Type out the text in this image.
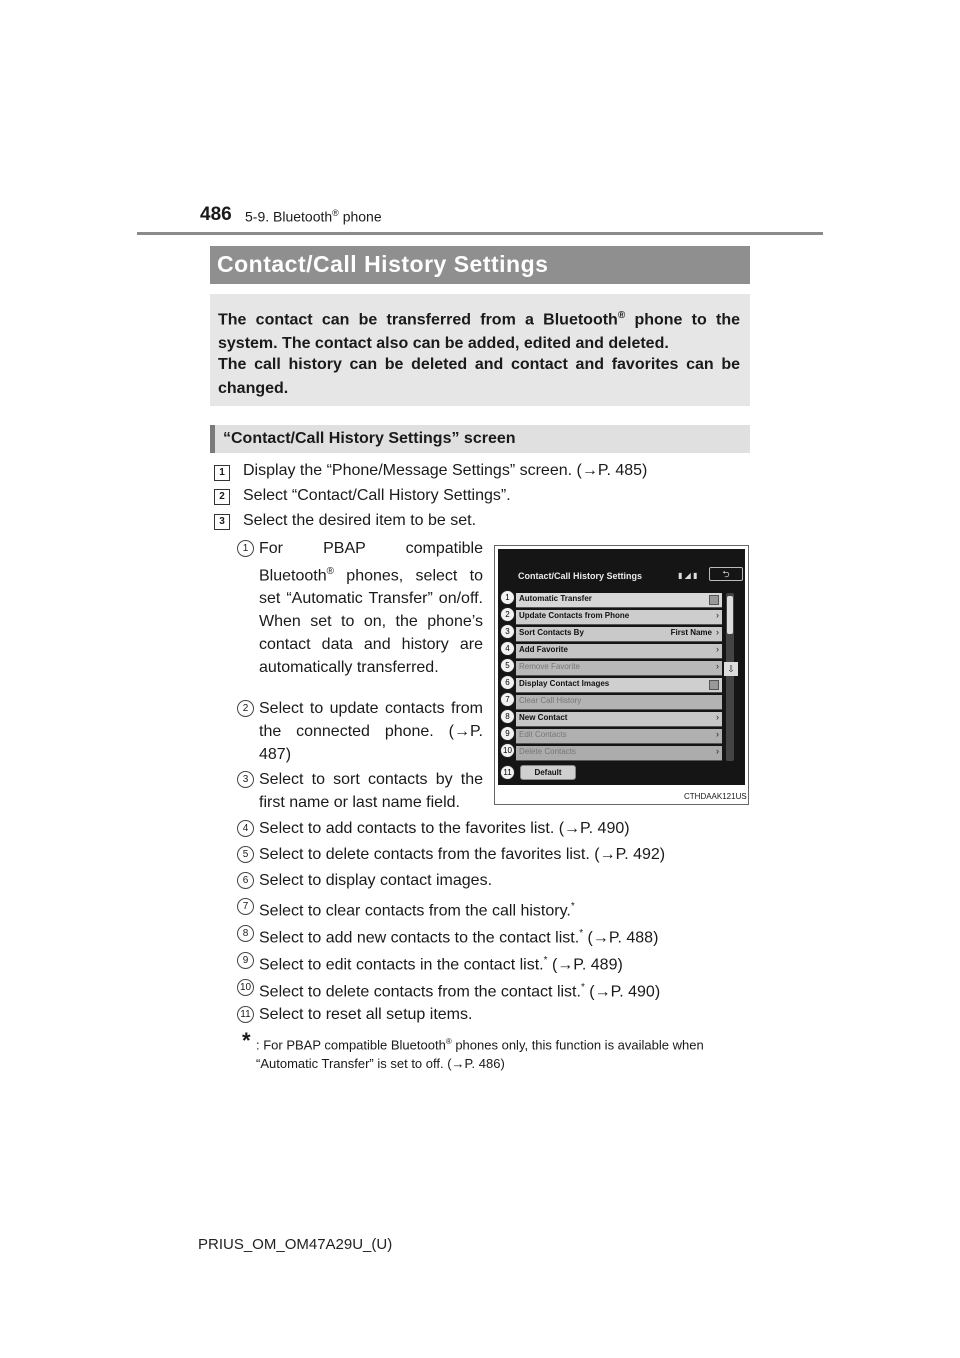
486 5-9. Bluetooth® phone
Contact/Call History Settings
The contact can be transferred from a Bluetooth® phone to the system. The contact also can be added, edited and deleted.
The call history can be deleted and contact and favorites can be changed.
“Contact/Call History Settings” screen
1	Display the “Phone/Message Settings” screen. (→P. 485)
2	Select “Contact/Call History Settings”.
3	Select the desired item to be set.
1 For PBAP compatible Bluetooth® phones, select to set “Automatic Transfer” on/off. When set to on, the phone’s contact data and history are automatically transferred.
2 Select to update contacts from the connected phone. (→P. 487)
3 Select to sort contacts by the first name or last name field.
4 Select to add contacts to the favorites list. (→P. 490)
5 Select to delete contacts from the favorites list. (→P. 492)
6 Select to display contact images.
7 Select to clear contacts from the call history.*
8 Select to add new contacts to the contact list.* (→P. 488)
9 Select to edit contacts in the contact list.* (→P. 489)
10 Select to delete contacts from the contact list.* (→P. 490)
11 Select to reset all setup items.
Contact/Call History Settings	▮ ◢ ▮	⮌
Automatic Transfer
Update Contacts from Phone	›
Sort Contacts By	First Name ›
Add Favorite	›
Remove Favorite	›
Display Contact Images
Clear Call History
New Contact	›
Edit Contacts	›
Delete Contacts	›
⇩
Default
1
2
3
4
5
6
7
8
9
10
11
CTHDAAK121US
* : For PBAP compatible Bluetooth® phones only, this function is available when “Automatic Transfer” is set to off. (→P. 486)
PRIUS_OM_OM47A29U_(U)
